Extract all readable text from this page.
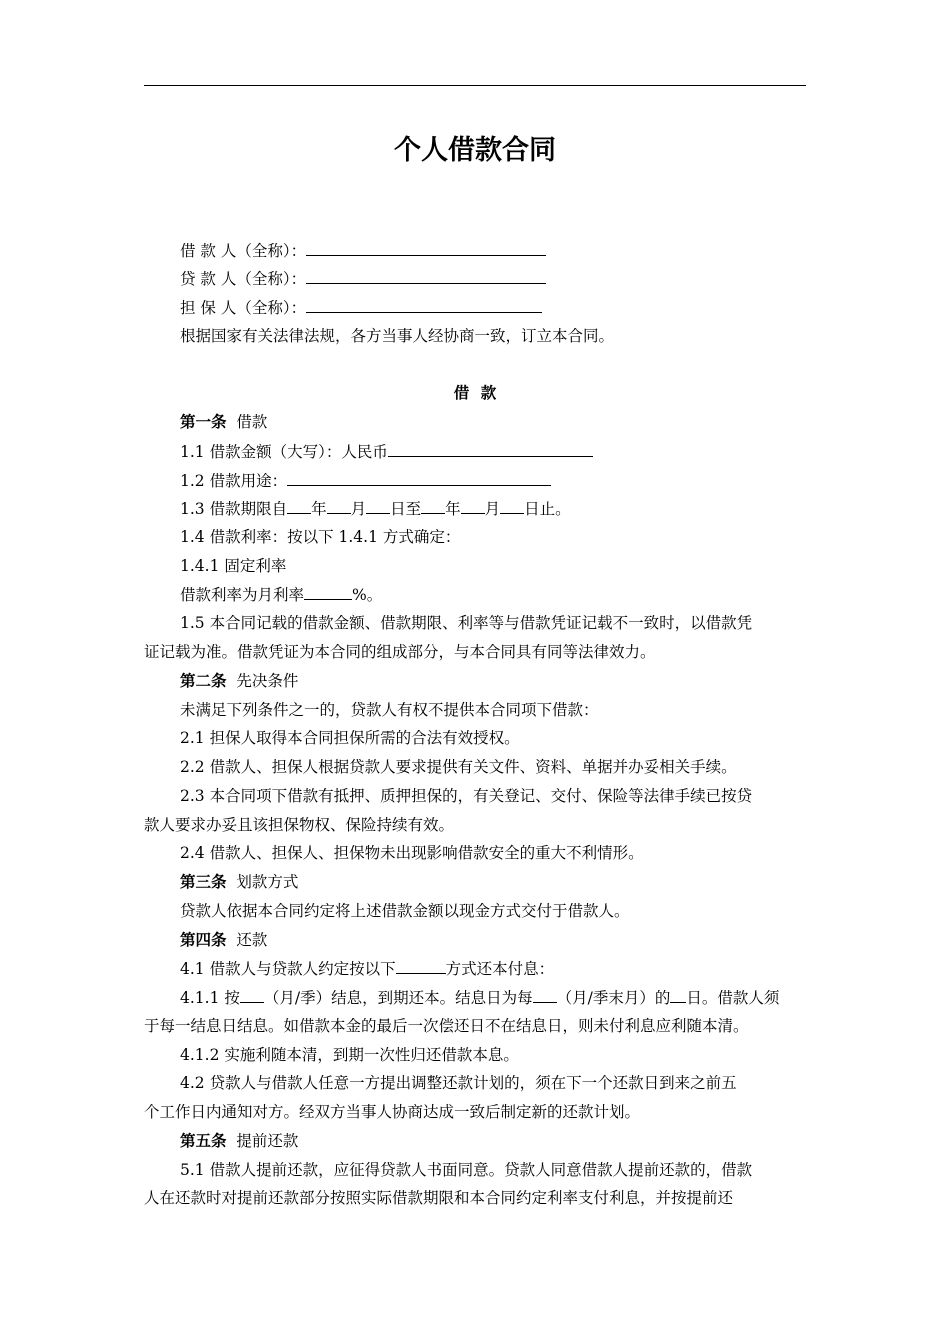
个人借款合同
借 款 人（全称）：
贷 款 人（全称）：
担 保 人（全称）：
根据国家有关法律法规，各方当事人经协商一致，订立本合同。
借 款
第一条 借款
1.1 借款金额（大写）：人民币
1.2 借款用途：
1.3 借款期限自 年 月 日至 年 月 日止。
1.4 借款利率：按以下 1.4.1 方式确定：
1.4.1 固定利率
借款利率为月利率	%。
1.5 本合同记载的借款金额、借款期限、利率等与借款凭证记载不一致时，以借款凭
证记载为准。借款凭证为本合同的组成部分，与本合同具有同等法律效力。
第二条 先决条件
未满足下列条件之一的，贷款人有权不提供本合同项下借款：
2.1 担保人取得本合同担保所需的合法有效授权。
2.2 借款人、担保人根据贷款人要求提供有关文件、资料、单据并办妥相关手续。
2.3 本合同项下借款有抵押、质押担保的，有关登记、交付、保险等法律手续已按贷
款人要求办妥且该担保物权、保险持续有效。
2.4 借款人、担保人、担保物未出现影响借款安全的重大不利情形。
第三条 划款方式
贷款人依据本合同约定将上述借款金额以现金方式交付于借款人。
第四条 还款
4.1 借款人与贷款人约定按以下	方式还本付息：
4.1.1 按 （月/季）结息，到期还本。结息日为每 （月/季末月）的 日。借款人须
于每一结息日结息。如借款本金的最后一次偿还日不在结息日，则未付利息应利随本清。
4.1.2 实施利随本清，到期一次性归还借款本息。
4.2 贷款人与借款人任意一方提出调整还款计划的，须在下一个还款日到来之前五
个工作日内通知对方。经双方当事人协商达成一致后制定新的还款计划。
第五条 提前还款
5.1 借款人提前还款，应征得贷款人书面同意。贷款人同意借款人提前还款的，借款
人在还款时对提前还款部分按照实际借款期限和本合同约定利率支付利息，并按提前还
